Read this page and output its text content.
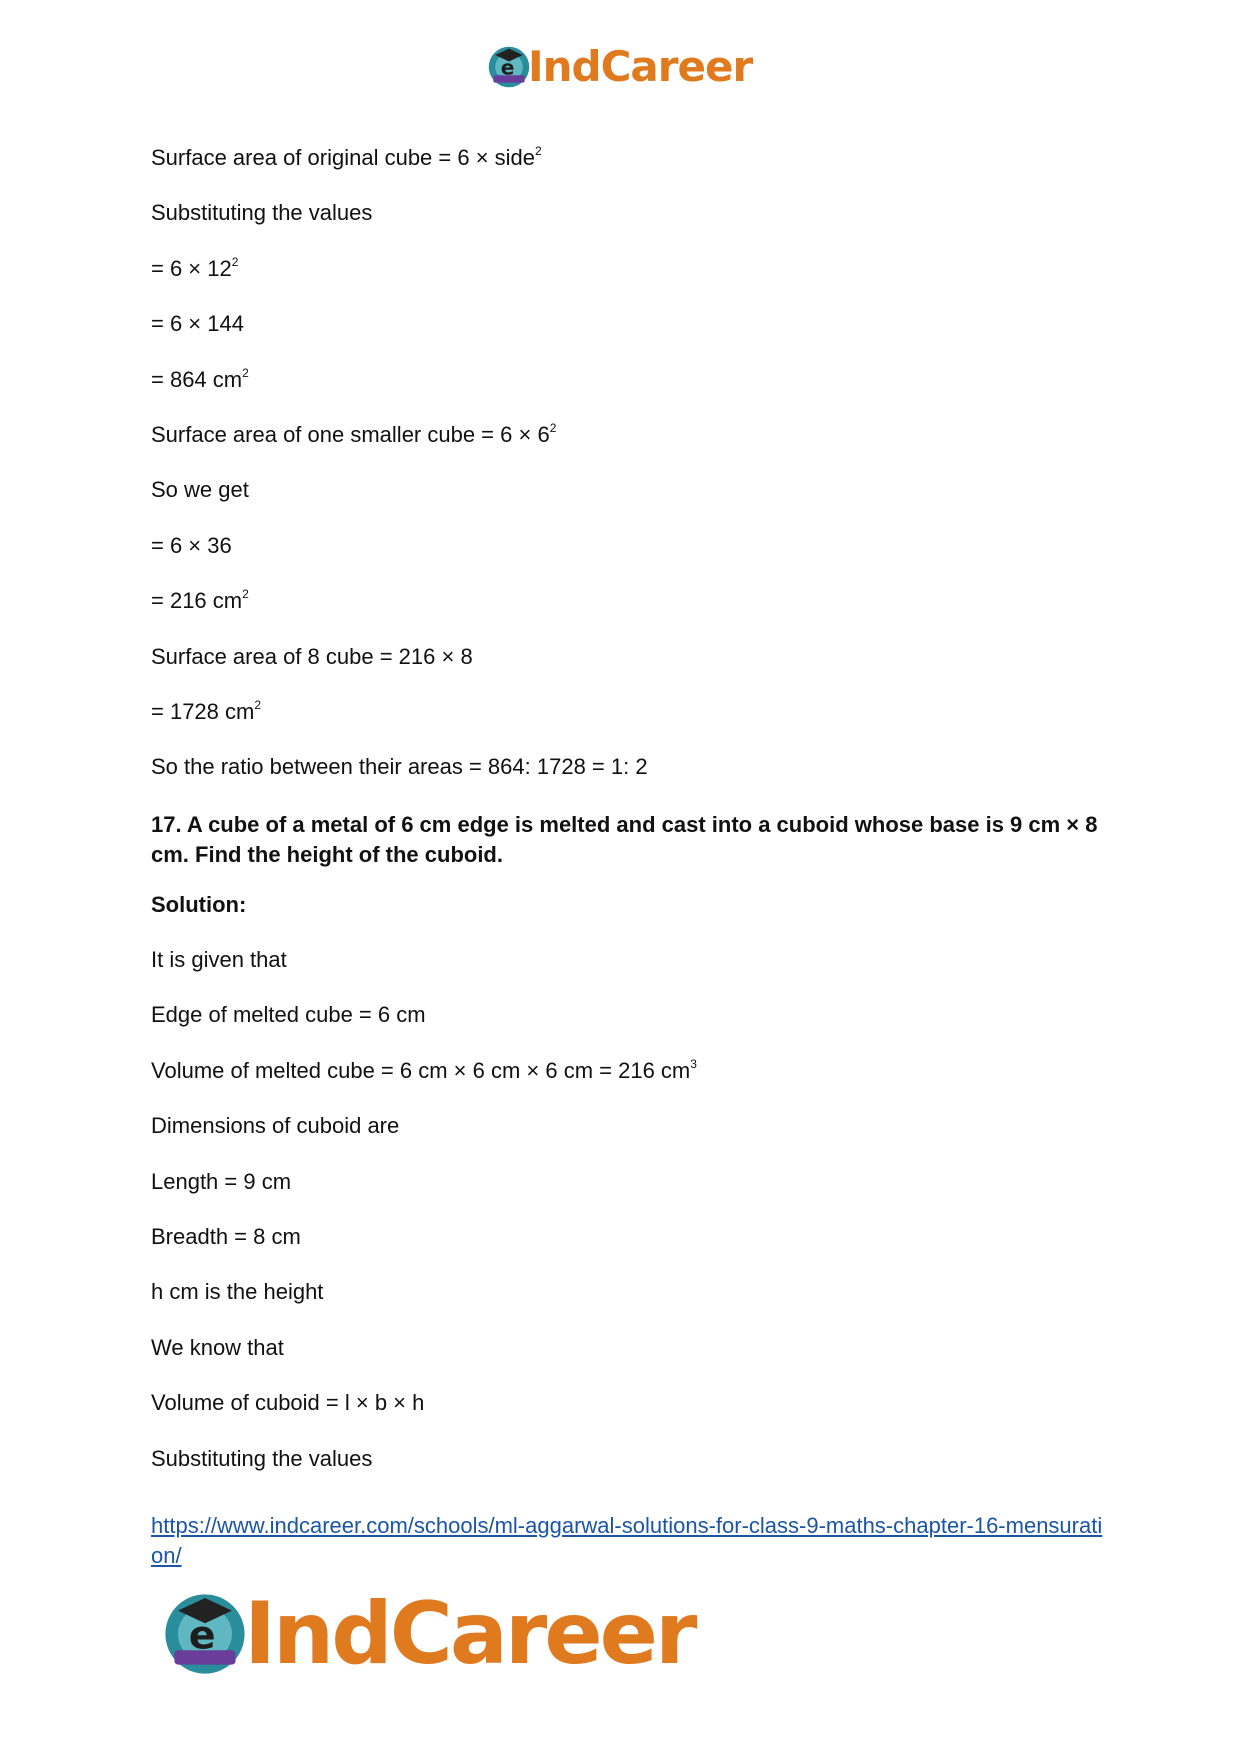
e IndCareer
Surface area of original cube = 6 × side$^2$
Substituting the values
= $6 \times 12^2$
= 6 × 144
= 864 $cm^2$
Surface area of one smaller cube = $6 \times 6^2$
So we get
= 6 × 36
= 216 $cm^2$
Surface area of 8 cube = 216 × 8
= 1728 $cm^2$
So the ratio between their areas = 864: 1728 = 1: 2
17. A cube of a metal of 6 cm edge is melted and cast into a cuboid whose base is 9 cm × 8 cm. Find the height of the cuboid.
Solution:
It is given that
Edge of melted cube = 6 cm
Volume of melted cube = 6 cm × 6 cm × 6 cm = 216 $cm^3$
Dimensions of cuboid are
Length = 9 cm
Breadth = 8 cm
h cm is the height
We know that
Volume of cuboid = l × b × h
Substituting the values
https://www.indcareer.com/schools/ml-aggarwal-solutions-for-class-9-maths-chapter-16-mensuration/
e IndCareer
